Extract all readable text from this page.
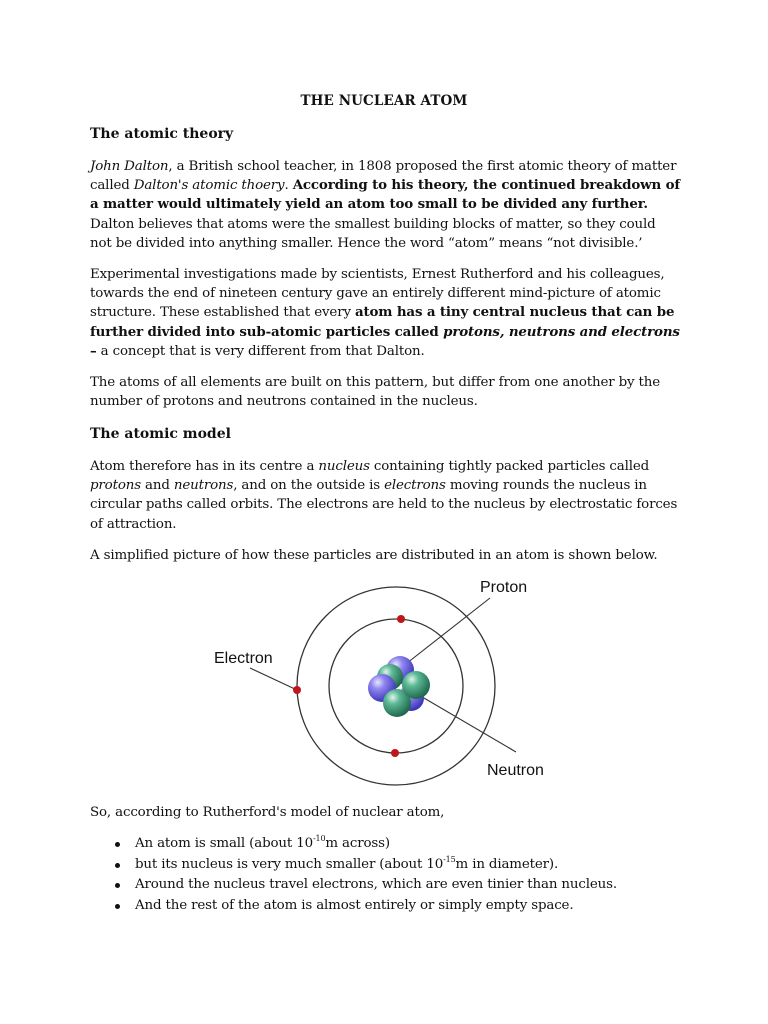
THE NUCLEAR ATOM
The atomic theory
John Dalton, a British school teacher, in 1808 proposed the first atomic theory of matter called Dalton's atomic thoery. According to his theory, the continued breakdown of a matter would ultimately yield an atom too small to be divided any further. Dalton believes that atoms were the smallest building blocks of matter, so they could not be divided into anything smaller. Hence the word “atom” means “not divisible.’
Experimental investigations made by scientists, Ernest Rutherford and his colleagues, towards the end of nineteen century gave an entirely different mind-picture of atomic structure. These established that every atom has a tiny central nucleus that can be further divided into sub-atomic particles called protons, neutrons and electrons – a concept that is very different from that Dalton.
The atoms of all elements are built on this pattern, but differ from one another by the number of protons and neutrons contained in the nucleus.
The atomic model
Atom therefore has in its centre a nucleus containing tightly packed particles called protons and neutrons, and on the outside is electrons moving rounds the nucleus in circular paths called orbits. The electrons are held to the nucleus by electrostatic forces of attraction.
A simplified picture of how these particles are distributed in an atom is shown below.
Proton
Electron
Neutron
So, according to Rutherford's model of nuclear atom,
An atom is small (about $10^{-10}m$ across)
but its nucleus is very much smaller (about $10^{-15}m$ in diameter).
Around the nucleus travel electrons, which are even tinier than nucleus.
And the rest of the atom is almost entirely or simply empty space.
